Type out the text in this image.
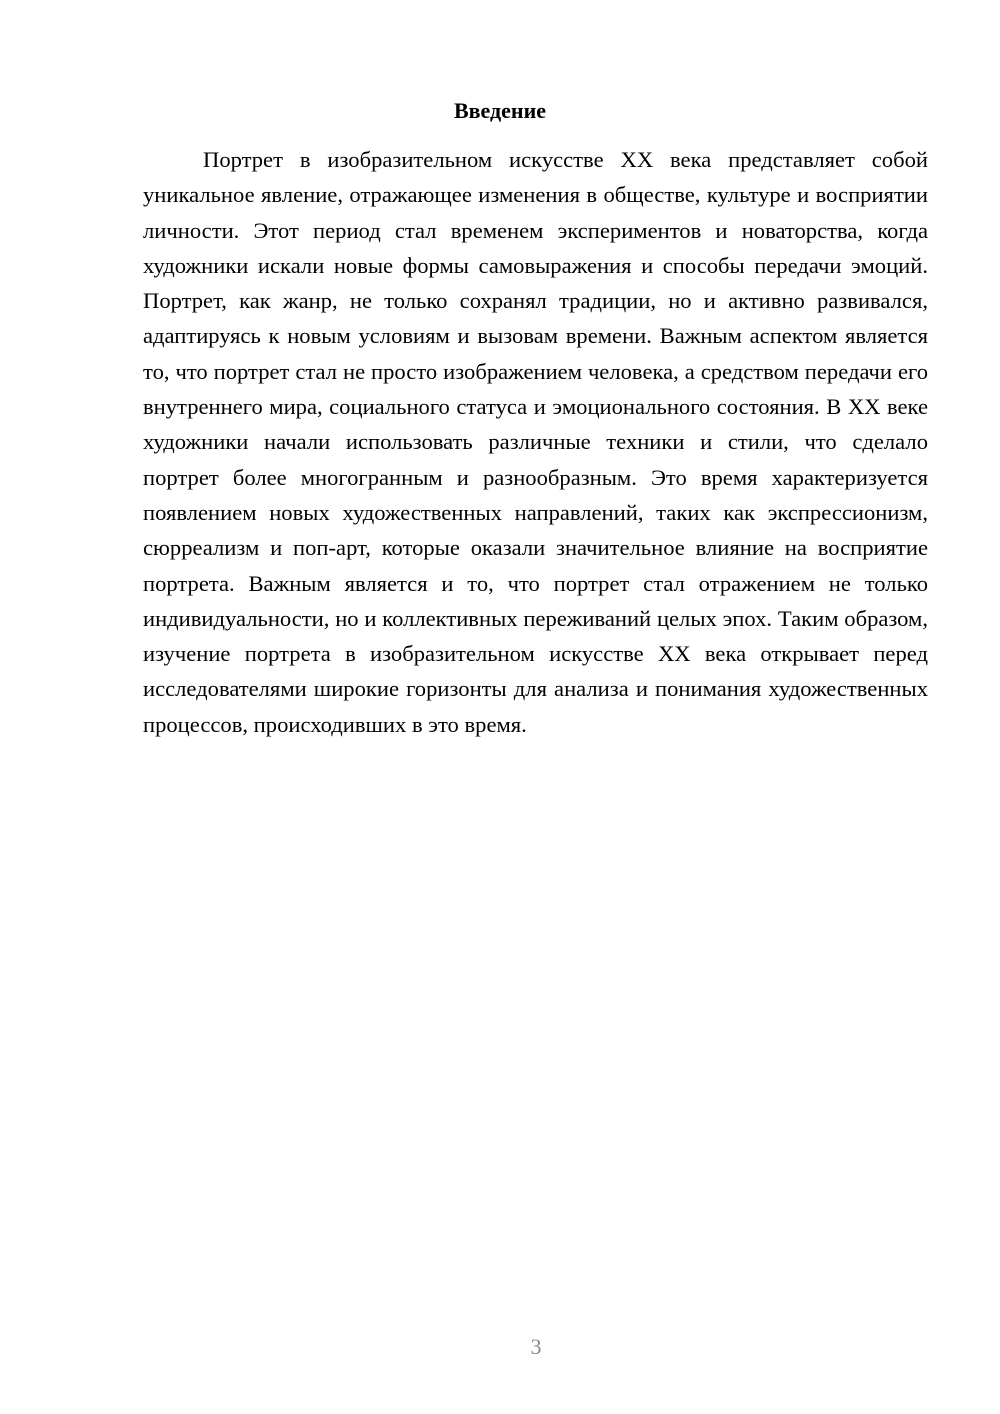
Введение

Портрет в изобразительном искусстве XX века представляет собой уникальное явление, отражающее изменения в обществе, культуре и восприятии личности. Этот период стал временем экспериментов и новаторства, когда художники искали новые формы самовыражения и способы передачи эмоций. Портрет, как жанр, не только сохранял традиции, но и активно развивался, адаптируясь к новым условиям и вызовам времени. Важным аспектом является то, что портрет стал не просто изображением человека, а средством передачи его внутреннего мира, социального статуса и эмоционального состояния. В XX веке художники начали использовать различные техники и стили, что сделало портрет более многогранным и разнообразным. Это время характеризуется появлением новых художественных направлений, таких как экспрессионизм, сюрреализм и поп-арт, которые оказали значительное влияние на восприятие портрета. Важным является и то, что портрет стал отражением не только индивидуальности, но и коллективных переживаний целых эпох. Таким образом, изучение портрета в изобразительном искусстве XX века открывает перед исследователями широкие горизонты для анализа и понимания художественных процессов, происходивших в это время.

3
